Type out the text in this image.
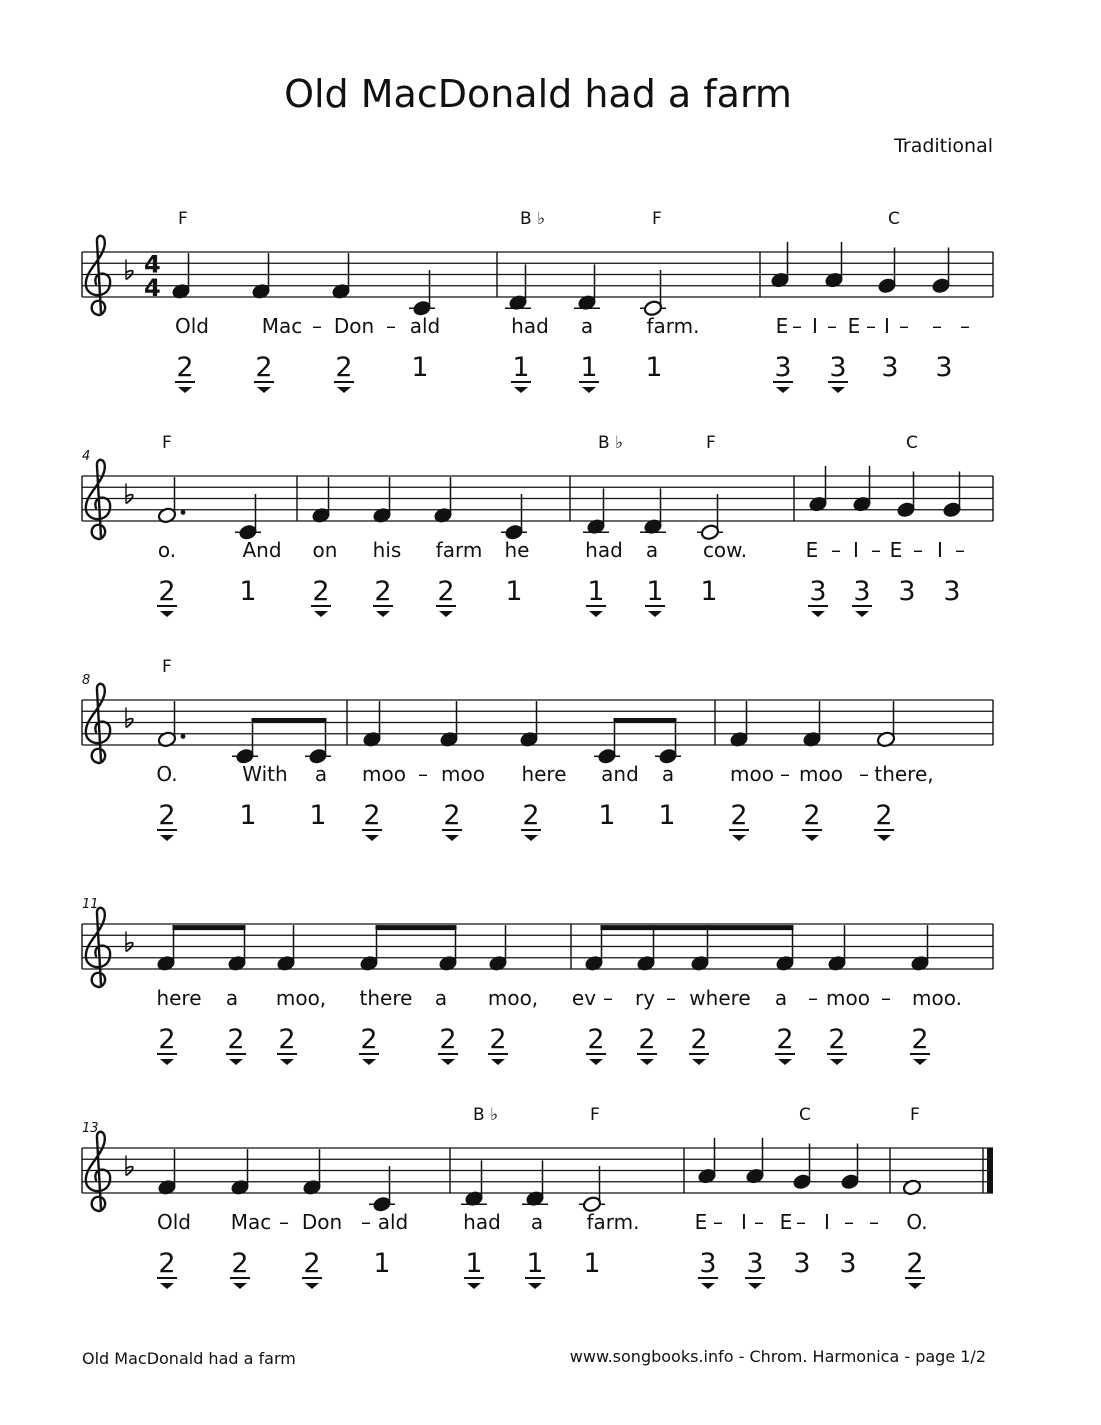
Old MacDonald had a farm
Traditional
4
4
F	B ♭	F	C
Old	Mac Don ald	had a	farm.	E I E I
–	–	– – – – – –
2 2 2 1	1 1 1	3 3 3 3
4
F	B ♭	F	C
o.	And on his farm he	had a cow.	E I E I
– – – –
2 1 2 2 2 1 1 1 1	3 3 3 3
8
F
O.	With a moo moo here and a	moo moo there,
–	–	–
2 1 1 2 2 2 1 1 2 2 2
11
here a moo, there a moo, ev ry where a moo moo.
–	–	–	–
2 2 2 2 2 2	2 2 2	2 2 2
13
B ♭	F	C	F
Old Mac Don ald	had a farm.	E I E I	O.
–	–	– – – – –
2 2 2 1	1 1 1	3 3 3 3 2
Old MacDonald had a farm	www.songbooks.info - Chrom. Harmonica - page 1/2
